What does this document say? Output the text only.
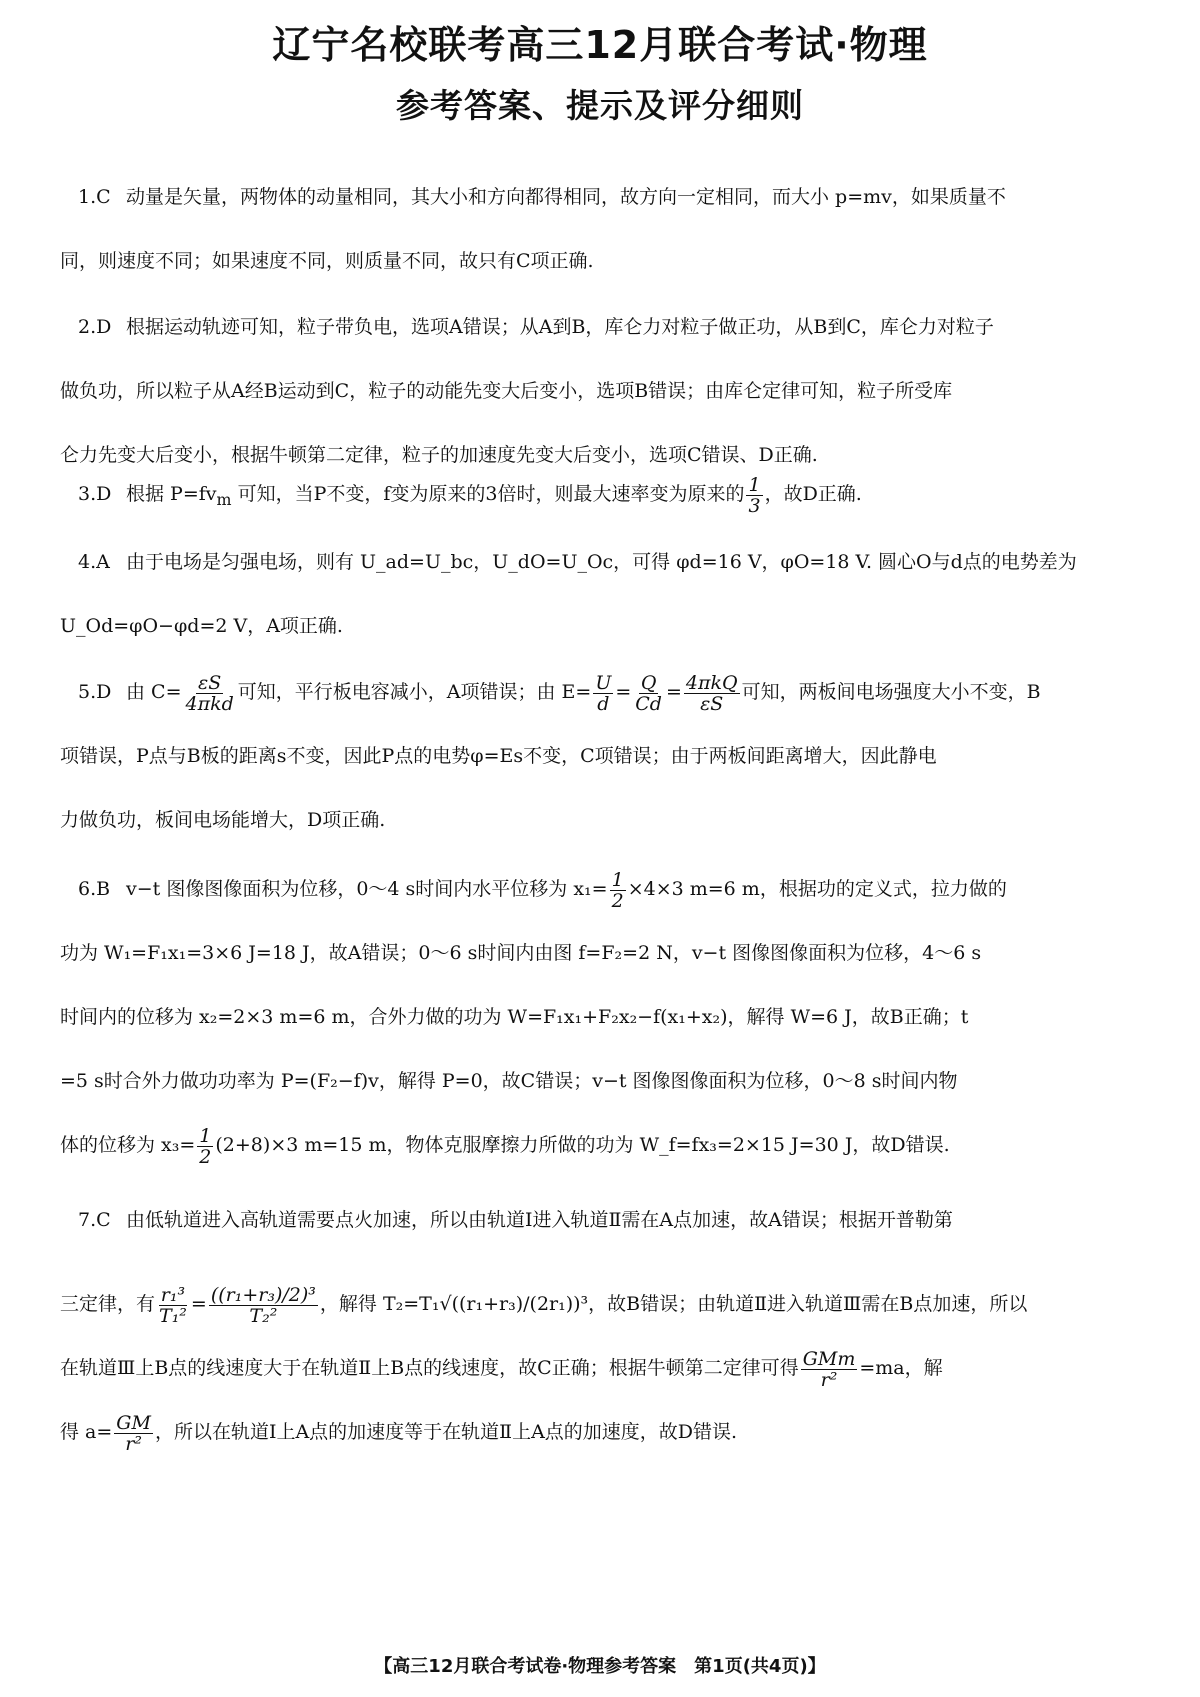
辽宁名校联考高三12月联合考试·物理
参考答案、提示及评分细则
1.C 动量是矢量，两物体的动量相同，其大小和方向都得相同，故方向一定相同，而大小 p=mv，如果质量不
同，则速度不同；如果速度不同，则质量不同，故只有C项正确.
2.D 根据运动轨迹可知，粒子带负电，选项A错误；从A到B，库仑力对粒子做正功，从B到C，库仑力对粒子
做负功，所以粒子从A经B运动到C，粒子的动能先变大后变小，选项B错误；由库仑定律可知，粒子所受库
仑力先变大后变小，根据牛顿第二定律，粒子的加速度先变大后变小，选项C错误、D正确.
3.D 根据 $P=fv_m$ 可知，当P不变，f变为原来的3倍时，则最大速率变为原来的 $\frac{1}{3}$ ，故D正确.
4.A 由于电场是匀强电场，则有 U_ad=U_bc，U_dO=U_Oc，可得 φd=16 V，φO=18 V. 圆心O与d点的电势差为
U_Od=φO−φd=2 V，A项正确.
5.D 由 $C= \frac{\varepsilon S}{\text{4πkd}}$ 可知，平行板电容减小，A项错误；由 $E= \frac{U}{d} = \frac{Q}{Cd} = \frac{\text{4πkQ}}{\varepsilon S}$ 可知，两板间电场强度大小不变，B
项错误，P点与B板的距离s不变，因此P点的电势φ=Es不变，C项错误；由于两板间距离增大，因此静电
力做负功，板间电场能增大，D项正确.
6.B v−t 图像图像面积为位移，0～4 s时间内水平位移为 $x_1= \frac{1}{2} \times 4\times 3$ m=6 m，根据功的定义式，拉力做的
功为 W₁=F₁x₁=3×6 J=18 J，故A错误；0～6 s时间内由图 f=F₂=2 N，v−t 图像图像面积为位移，4～6 s
时间内的位移为 x₂=2×3 m=6 m，合外力做的功为 W=F₁x₁+F₂x₂−f(x₁+x₂)，解得 W=6 J，故B正确；t
=5 s时合外力做功功率为 P=(F₂−f)v，解得 P=0，故C错误；v−t 图像图像面积为位移，0～8 s时间内物
体的位移为 $x_3= \frac{1}{2} (2+8)\times 3$ m=15 m，物体克服摩擦力所做的功为 W_f=fx₃=2×15 J=30 J，故D错误.
7.C 由低轨道进入高轨道需要点火加速，所以由轨道Ⅰ进入轨道Ⅱ需在A点加速，故A错误；根据开普勒第

三定律，有 $\frac{\text{r₁³}}{\text{T₁²}} = \frac{\text{((r₁+r₃)/2)³}}{\text{T₂²}}$ ，解得 T₂=T₁√((r₁+r₃)/(2r₁))³，故B错误；由轨道Ⅱ进入轨道Ⅲ需在B点加速，所以
在轨道Ⅲ上B点的线速度大于在轨道Ⅱ上B点的线速度，故C正确；根据牛顿第二定律可得 $\frac{\text{GMm}}{\text{r²}} =ma$，解
得 $a= \frac{GM}{\text{r²}}$ ，所以在轨道Ⅰ上A点的加速度等于在轨道Ⅱ上A点的加速度，故D错误.
【高三12月联合考试卷·物理参考答案　第1页(共4页)】
